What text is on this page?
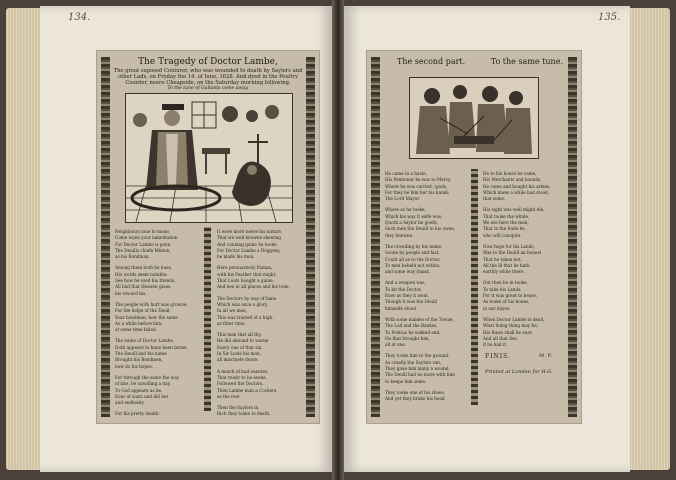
134.	135.
The Tragedy of Doctor Lambe,
The great suposed Coniurer, who was wounded to death by Saylers and other Lads, on Fryday the 14. of Iune, 1628. And dyed in the Poultry Counter, neere Cheapside, on the Saturday morning following.
To the tune of Gallants come away.
Neighbours loue to mone,
Come ioyne your lamentation
For Doctor Lambe is gone,
The Deuills chiefe Minion,
as his Bondman.
Among them both he liues,
His words seem notable:
See how he vsed his friends,
All bad that Heauen giues,
his reward his.
The people with hurt was growne,
For the helpe of the Deuil,
Your bondmen, how the same
As a while before him,
at some time failed.
The name of Doctor Lambe,
Doth appeare to haue been borne,
The Deuill and his name
Brought his Bondmen,
how do his hopes.
For through the same the way
of late, be unwilling a day,
To God appeare as he,
Euer of warn and did bet
and endlessly.
For his pretty dealth
It were more neere his nature,
That we well knowne shewing
And cunning gaine he tooke,
For Doctor Lambe a Doggeny,
he made his man.
Here persuasively Paman,
with his Feather that might,
That Lusts bought a gaine,
And hee in all places and his tone.
The Doctors by way of fame
Which was once a glory,
In all we men,
This was trusted of a high.
as fitter time.
This man that all thy,
He did abound to warne
Euery one of that sin,
In Sir Lusts his man,
all mischiefe deare.
A match of bad euentes,
That ready to be seene,
Followed the Doctors,
Then Lambe man a Cockers,
as the rest.
Then the Saylers in,
Rich they tooke to death,
The second part.	To the same tune.
He came in a haste,
His Pentioner he was to Mercy,
Where he was carried, (gods,
For they be him her his hands
The Lord Mayor.
Where as he tooke,
Which his way it selfe was,
Quoth a Saylor he goeth,
Such men the Deuill to his owne,
they knowne.
The crowding by his name,
Soone by people and fast,
Could all as to the Doctor,
To men beheld not within,
and some way (hand,
And a weapon was,
To hit the Doctor,
Euer as they it went,
Though it was the Deuill
himselfe stood.
With some maides of the Towne,
The Lad and the Bankes,
To Pontius he walked and,
On that brought him,
all at one.
They tooke him to the ground,
As cruelly the Saylors ran,
They gaue him many a wound,
The Deuill had no more with him
to keepe him some.
They tooke one of his shoes,
And yet they brake his head,
He to his house he came,
His Merchants and bounds,
He came and bought his armes,
Which knew a while had stood,
that some.
His sight was well might die,
That tooke the winde,
We are here the men,
That in the foule he,
who will conspire.
Now hope for his Lands,
Was to the Deuill an honest
That he taken not,
All the ill that he hath
earthly while there.
Out then he in tooke,
To take his Lands,
For it was great to beare,
As tooke of his house,
in our dayes.
When Doctor Lambe is dead,
What liuing thing may be,
His Innes shall be euer,
And all that doe,
if he had it.
FINIS.	M.P.
Printed at London for H.G.
